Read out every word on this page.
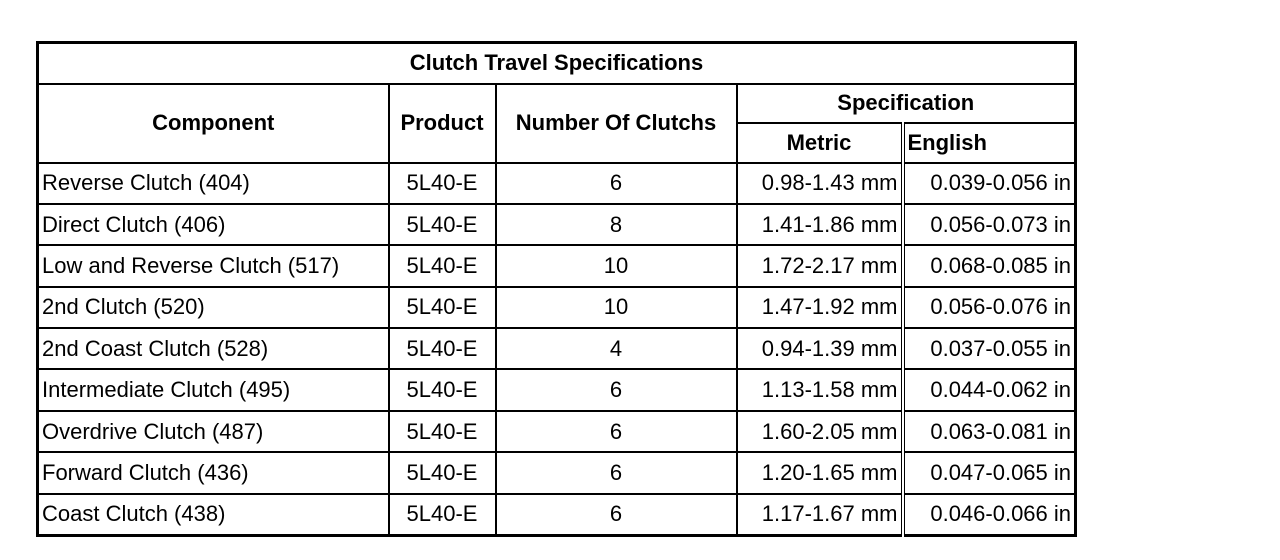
Clutch Travel Specifications				
Component	Product	Number Of Clutchs	Specification	
			Metric	English
Reverse Clutch (404)	5L40-E	6	0.98-1.43 mm	0.039-0.056 in
Direct Clutch (406)	5L40-E	8	1.41-1.86 mm	0.056-0.073 in
Low and Reverse Clutch (517)	5L40-E	10	1.72-2.17 mm	0.068-0.085 in
2nd Clutch (520)	5L40-E	10	1.47-1.92 mm	0.056-0.076 in
2nd Coast Clutch (528)	5L40-E	4	0.94-1.39 mm	0.037-0.055 in
Intermediate Clutch (495)	5L40-E	6	1.13-1.58 mm	0.044-0.062 in
Overdrive Clutch (487)	5L40-E	6	1.60-2.05 mm	0.063-0.081 in
Forward Clutch (436)	5L40-E	6	1.20-1.65 mm	0.047-0.065 in
Coast Clutch (438)	5L40-E	6	1.17-1.67 mm	0.046-0.066 in
